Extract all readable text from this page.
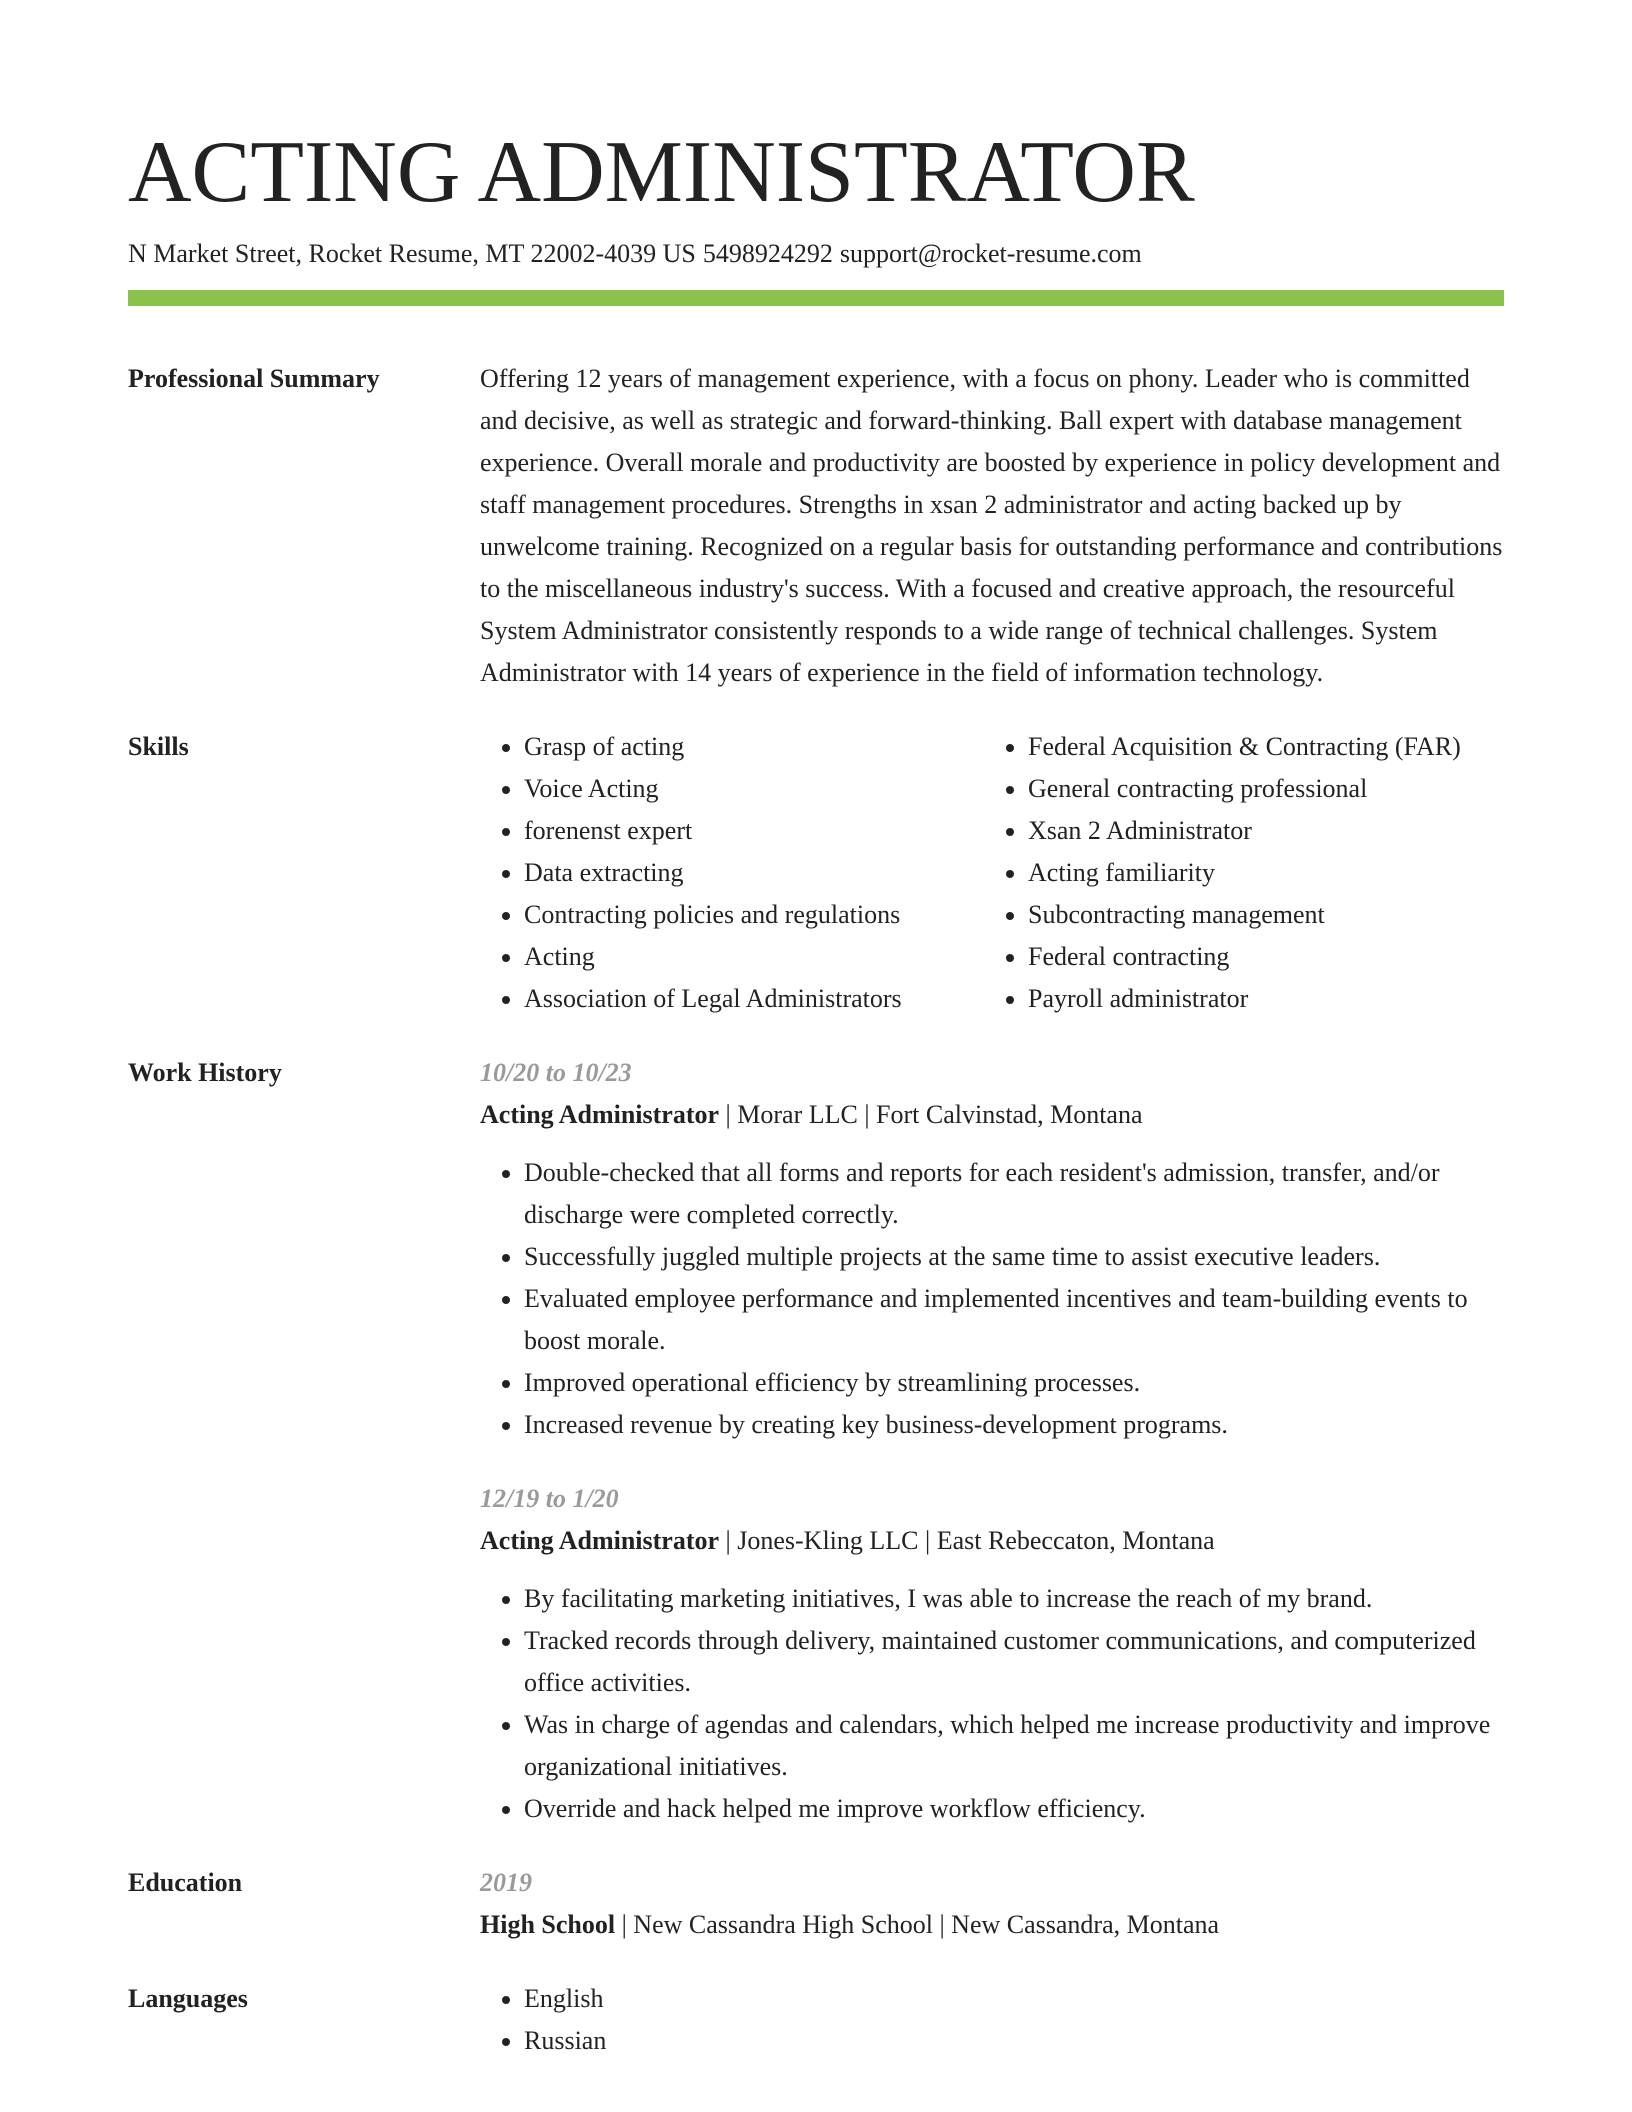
ACTING ADMINISTRATOR
N Market Street, Rocket Resume, MT 22002-4039 US 5498924292 support@rocket-resume.com
Professional Summary	Offering 12 years of management experience, with a focus on phony. Leader who is committed and decisive, as well as strategic and forward-thinking. Ball expert with database management experience. Overall morale and productivity are boosted by experience in policy development and staff management procedures. Strengths in xsan 2 administrator and acting backed up by unwelcome training. Recognized on a regular basis for outstanding performance and contributions to the miscellaneous industry's success. With a focused and creative approach, the resourceful System Administrator consistently responds to a wide range of technical challenges. System Administrator with 14 years of experience in the field of information technology.

Skills	• Grasp of acting
• Voice Acting
• forenenst expert
• Data extracting
• Contracting policies and regulations
• Acting
• Association of Legal Administrators
• Federal Acquisition & Contracting (FAR)
• General contracting professional
• Xsan 2 Administrator
• Acting familiarity
• Subcontracting management
• Federal contracting
• Payroll administrator
Work History	10/20 to 10/23
Acting Administrator | Morar LLC | Fort Calvinstad, Montana
• Double-checked that all forms and reports for each resident's admission, transfer, and/or discharge were completed correctly.
• Successfully juggled multiple projects at the same time to assist executive leaders.
• Evaluated employee performance and implemented incentives and team-building events to boost morale.
• Improved operational efficiency by streamlining processes.
• Increased revenue by creating key business-development programs.
12/19 to 1/20
Acting Administrator | Jones-Kling LLC | East Rebeccaton, Montana
• By facilitating marketing initiatives, I was able to increase the reach of my brand.
• Tracked records through delivery, maintained customer communications, and computerized office activities.
• Was in charge of agendas and calendars, which helped me increase productivity and improve organizational initiatives.
• Override and hack helped me improve workflow efficiency.
Education	2019
High School | New Cassandra High School | New Cassandra, Montana
Languages	• English
• Russian
